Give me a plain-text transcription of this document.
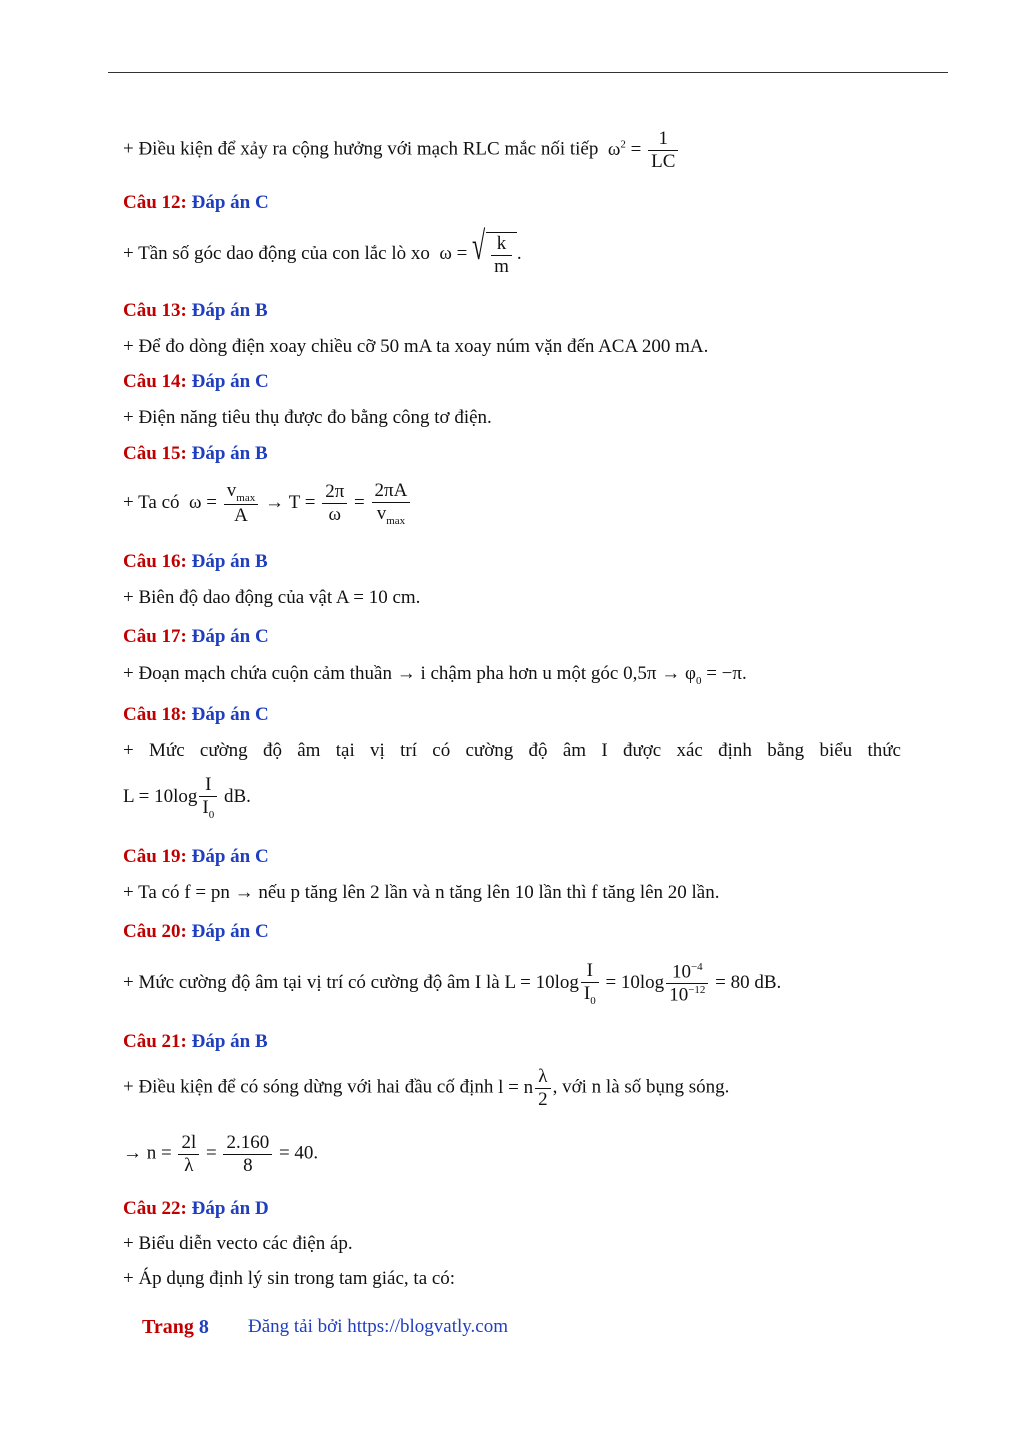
+ Điều kiện để xảy ra cộng hưởng với mạch RLC mắc nối tiếp  $\omega^2 = \frac{1}{LC}$
Câu 12: Đáp án C
+ Tần số góc dao động của con lắc lò xo  ω = √ $\frac{k}{m}$ .
Câu 13: Đáp án B
+ Để đo dòng điện xoay chiều cỡ 50 mA ta xoay núm vặn đến ACA 200 mA.
Câu 14: Đáp án C
+ Điện năng tiêu thụ được đo bằng công tơ điện.
Câu 15: Đáp án B
+ Ta có  $\omega = \frac{v_{max}}{A} \to T = \frac{2\pi}{\omega} = \frac{2\pi A}{v_{max}}$
Câu 16: Đáp án B
+ Biên độ dao động của vật A = 10 cm.
Câu 17: Đáp án C
+ Đoạn mạch chứa cuộn cảm thuần → i chậm pha hơn u một góc $0,5\pi \to \varphi_0 = -\pi$.
Câu 18: Đáp án C
+ Mức cường độ âm tại vị trí có cường độ âm I được xác định bằng biểu thức
$L = 10\log \frac{I}{I_0}$ dB.
Câu 19: Đáp án C
+ Ta có f = pn → nếu p tăng lên 2 lần và n tăng lên 10 lần thì f tăng lên 20 lần.
Câu 20: Đáp án C
+ Mức cường độ âm tại vị trí có cường độ âm I là $L = 10\log \frac{I}{I_0} = 10\log \frac{10^{-4}}{10^{-12}} = 80$ dB.
Câu 21: Đáp án B
+ Điều kiện để có sóng dừng với hai đầu cố định l = n $\frac{\lambda}{2}$ , với n là số bụng sóng.
→ $n = \frac{2l}{\lambda} = \frac{2.160}{8} = 40$.
Câu 22: Đáp án D
+ Biểu diễn vecto các điện áp.
+ Áp dụng định lý sin trong tam giác, ta có:
Trang 8 Đăng tải bởi https://blogvatly.com
